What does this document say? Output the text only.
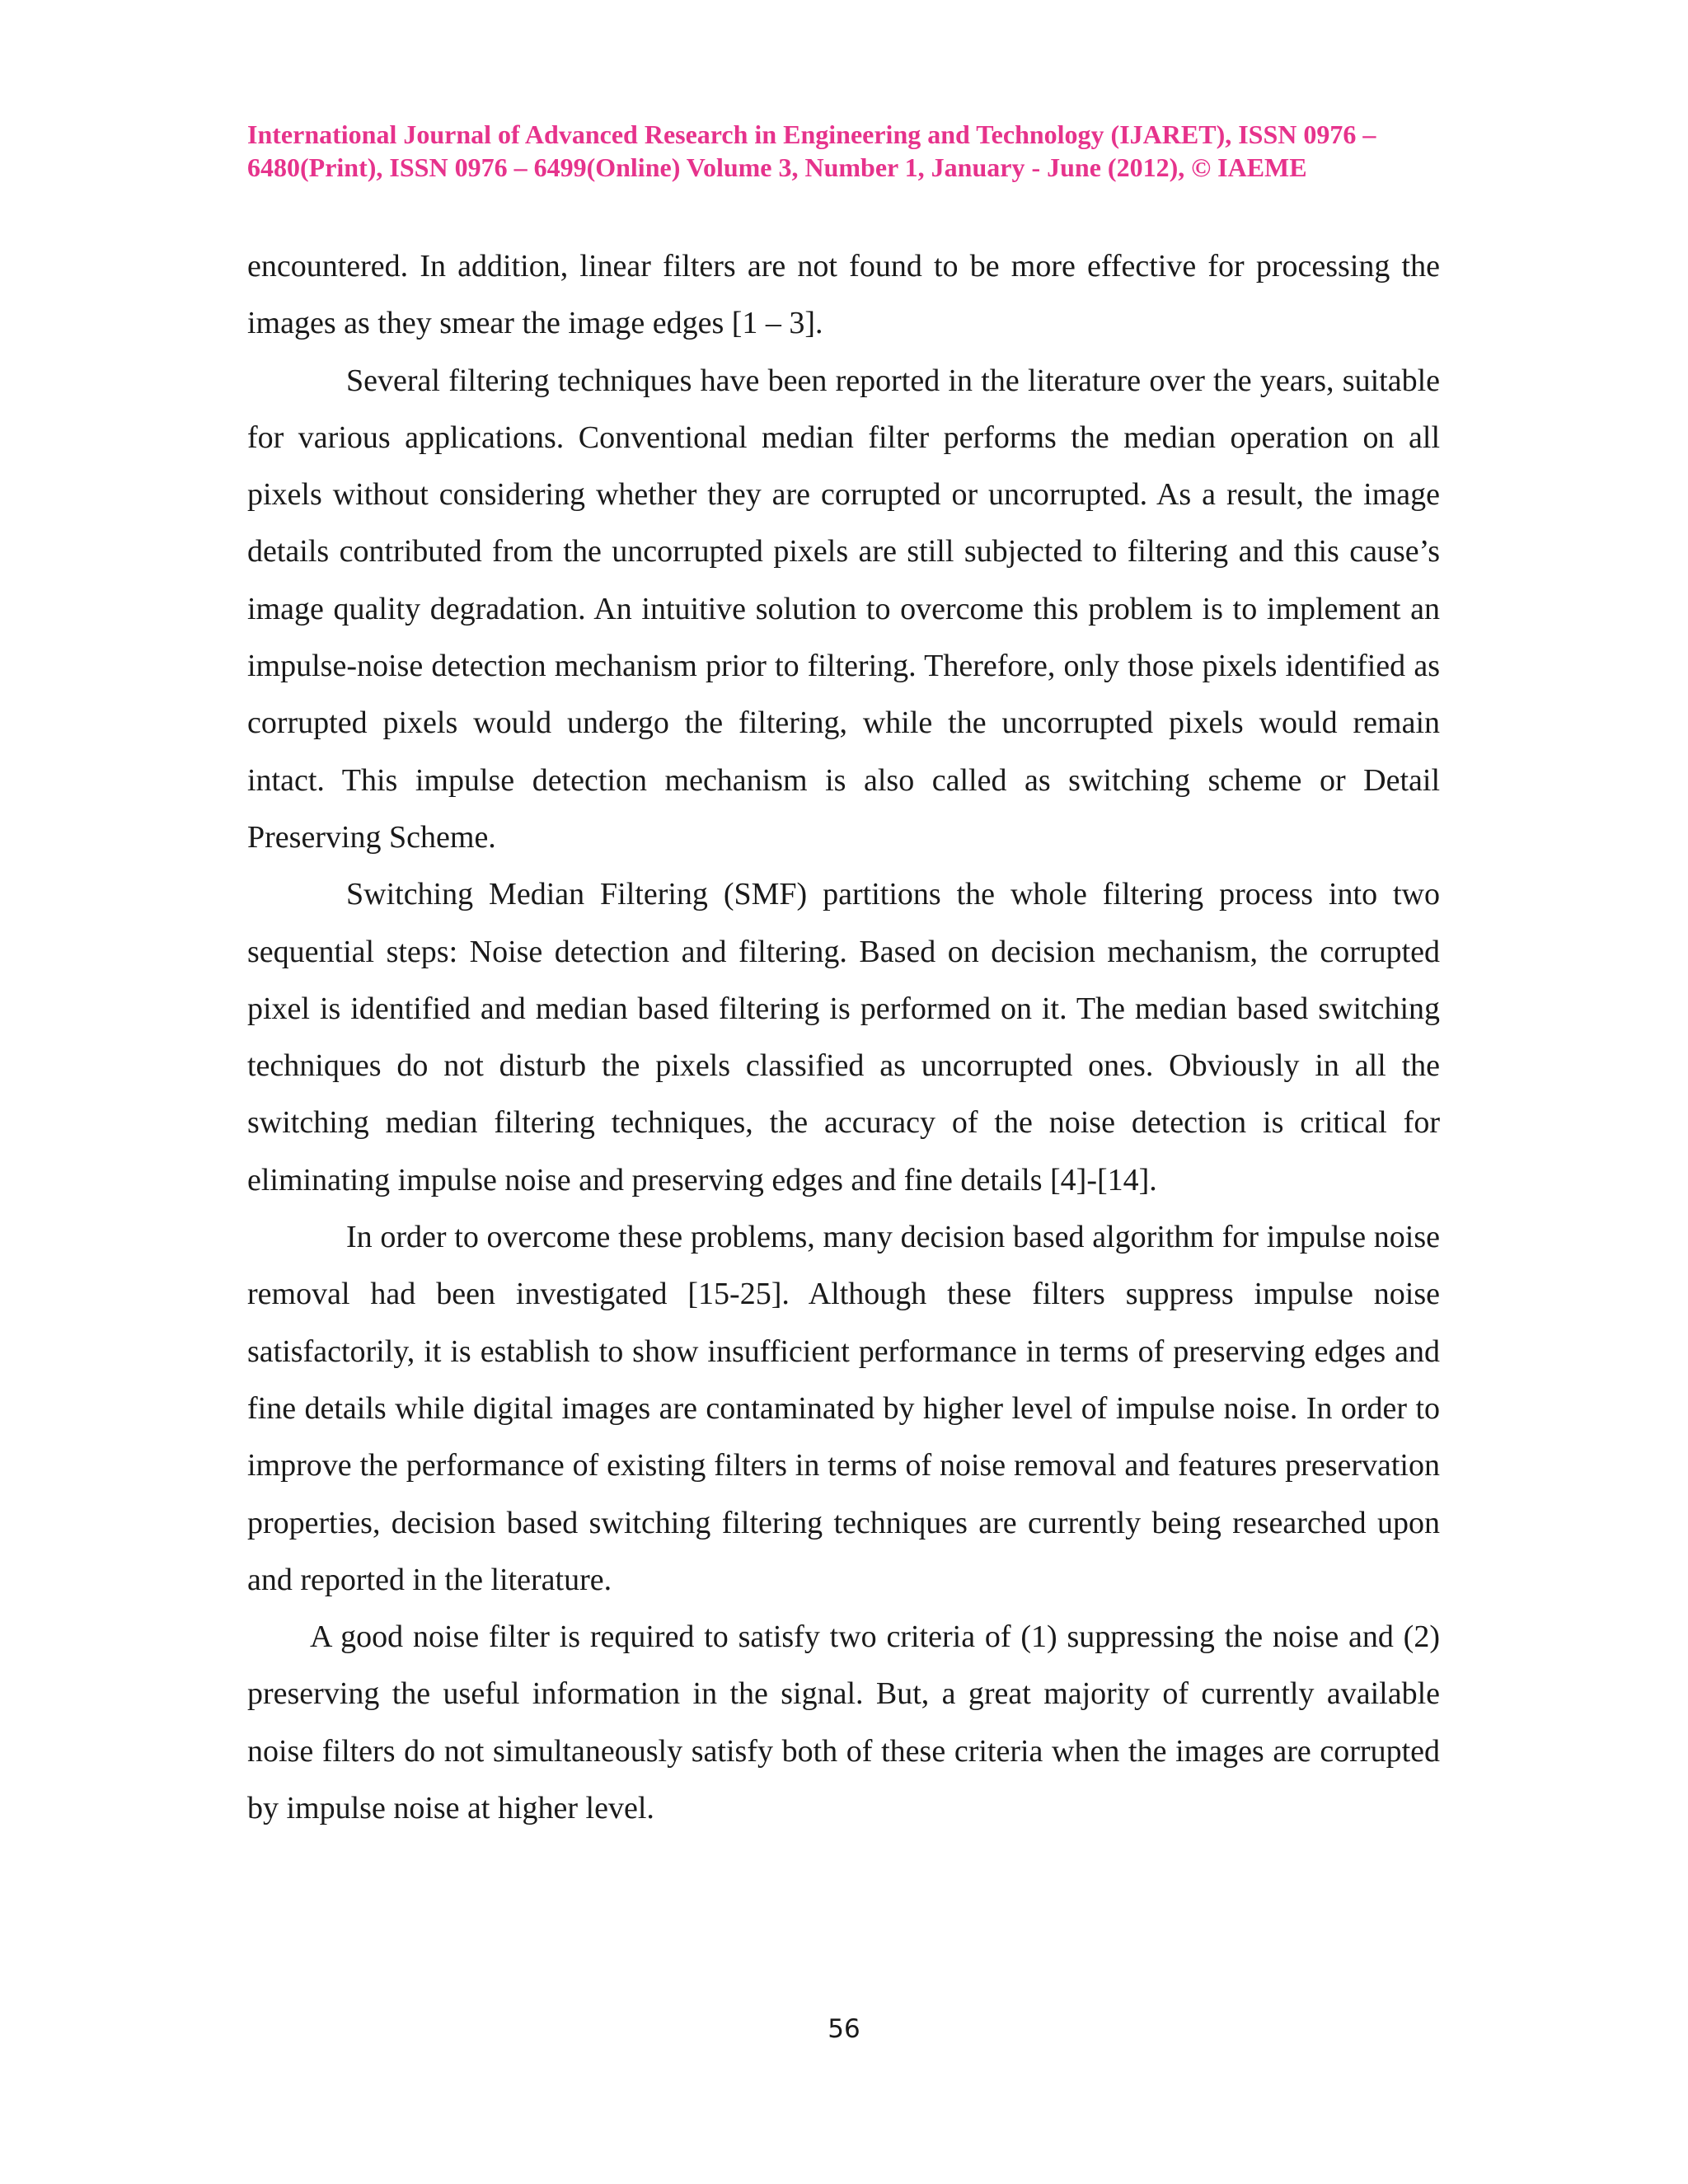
International Journal of Advanced Research in Engineering and Technology (IJARET), ISSN 0976 –
6480(Print), ISSN 0976 – 6499(Online) Volume 3, Number 1, January - June (2012), © IAEME

encountered. In addition, linear filters are not found to be more effective for processing the images as they smear the image edges [1 – 3].

Several filtering techniques have been reported in the literature over the years, suitable for various applications. Conventional median filter performs the median operation on all pixels without considering whether they are corrupted or uncorrupted. As a result, the image details contributed from the uncorrupted pixels are still subjected to filtering and this cause’s image quality degradation. An intuitive solution to overcome this problem is to implement an impulse-noise detection mechanism prior to filtering. Therefore, only those pixels identified as corrupted pixels would undergo the filtering, while the uncorrupted pixels would remain intact. This impulse detection mechanism is also called as switching scheme or Detail Preserving Scheme.

Switching Median Filtering (SMF) partitions the whole filtering process into two sequential steps: Noise detection and filtering. Based on decision mechanism, the corrupted pixel is identified and median based filtering is performed on it. The median based switching techniques do not disturb the pixels classified as uncorrupted ones. Obviously in all the switching median filtering techniques, the accuracy of the noise detection is critical for eliminating impulse noise and preserving edges and fine details [4]-[14].

In order to overcome these problems, many decision based algorithm for impulse noise removal had been investigated [15-25]. Although these filters suppress impulse noise satisfactorily, it is establish to show insufficient performance in terms of preserving edges and fine details while digital images are contaminated by higher level of impulse noise. In order to improve the performance of existing filters in terms of noise removal and features preservation properties, decision based switching filtering techniques are currently being researched upon and reported in the literature.

A good noise filter is required to satisfy two criteria of (1) suppressing the noise and (2) preserving the useful information in the signal. But, a great majority of currently available noise filters do not simultaneously satisfy both of these criteria when the images are corrupted by impulse noise at higher level.

56
